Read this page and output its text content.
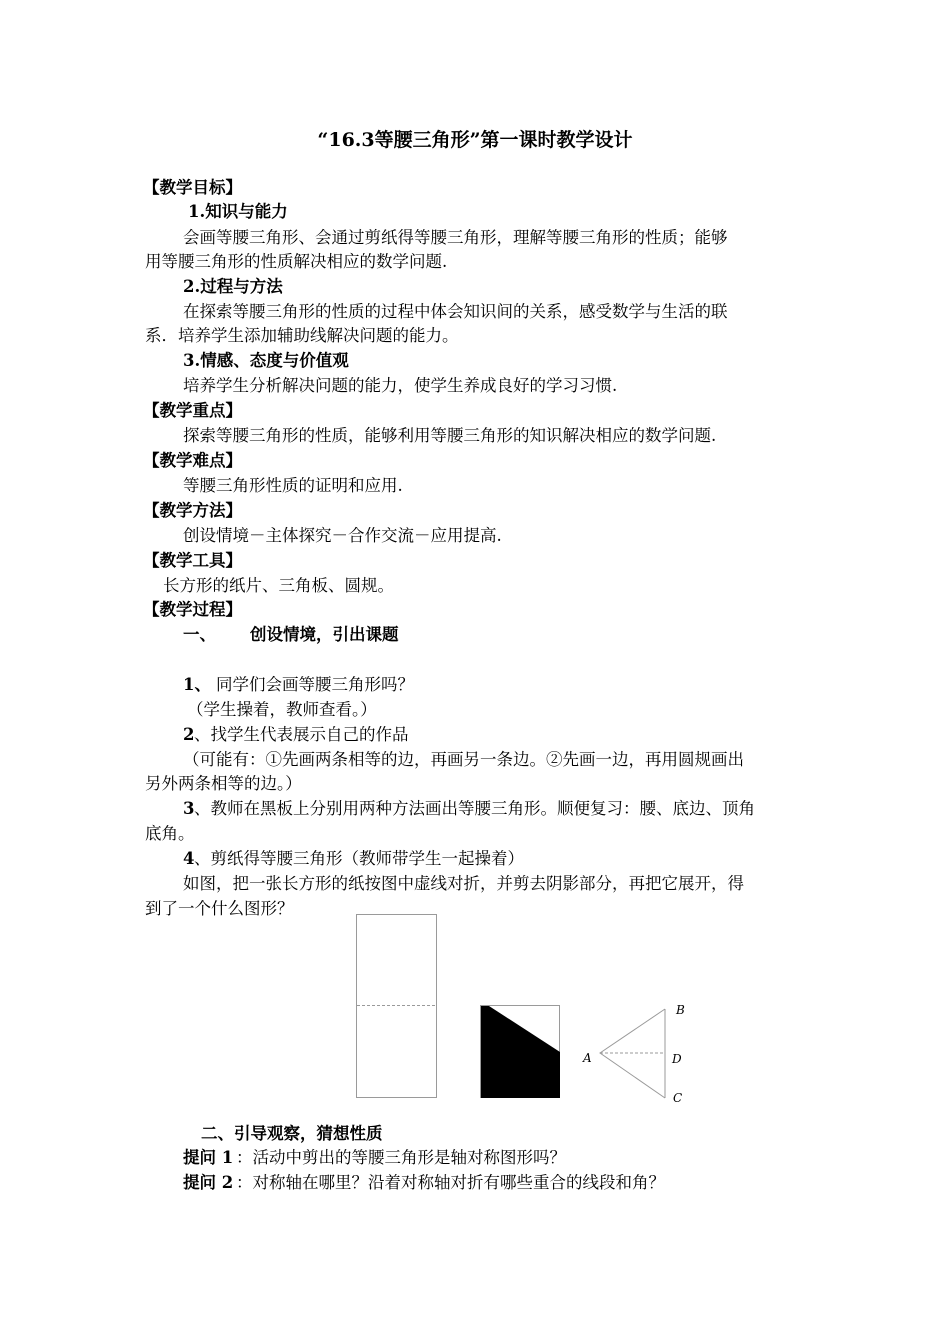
“16.3等腰三角形”第一课时教学设计
【教学目标】
1.知识与能力
会画等腰三角形、会通过剪纸得等腰三角形，理解等腰三角形的性质；能够
用等腰三角形的性质解决相应的数学问题.
2.过程与方法
在探索等腰三角形的性质的过程中体会知识间的关系，感受数学与生活的联
系．培养学生添加辅助线解决问题的能力。
3.情感、态度与价值观
培养学生分析解决问题的能力，使学生养成良好的学习习惯.
【教学重点】
探索等腰三角形的性质，能够利用等腰三角形的知识解决相应的数学问题.
【教学难点】
等腰三角形性质的证明和应用.
【教学方法】
创设情境－主体探究－合作交流－应用提高.
【教学工具】
长方形的纸片、三角板、圆规。
【教学过程】
一、 创设情境，引出课题
1、 同学们会画等腰三角形吗？
（学生操着，教师查看。）
2 、找学生代表展示自己的作品
（可能有：①先画两条相等的边，再画另一条边。②先画一边，再用圆规画出
另外两条相等的边。）
3 、教师在黑板上分别用两种方法画出等腰三角形。顺便复习：腰、底边、顶角
底角。
4 、剪纸得等腰三角形（教师带学生一起操着）
如图，把一张长方形的纸按图中虚线对折，并剪去阴影部分，再把它展开，得
到了一个什么图形？
A
B
D
C
二、引导观察，猜想性质
提问 1 ：活动中剪出的等腰三角形是轴对称图形吗？
提问 2 ：对称轴在哪里？沿着对称轴对折有哪些重合的线段和角？
